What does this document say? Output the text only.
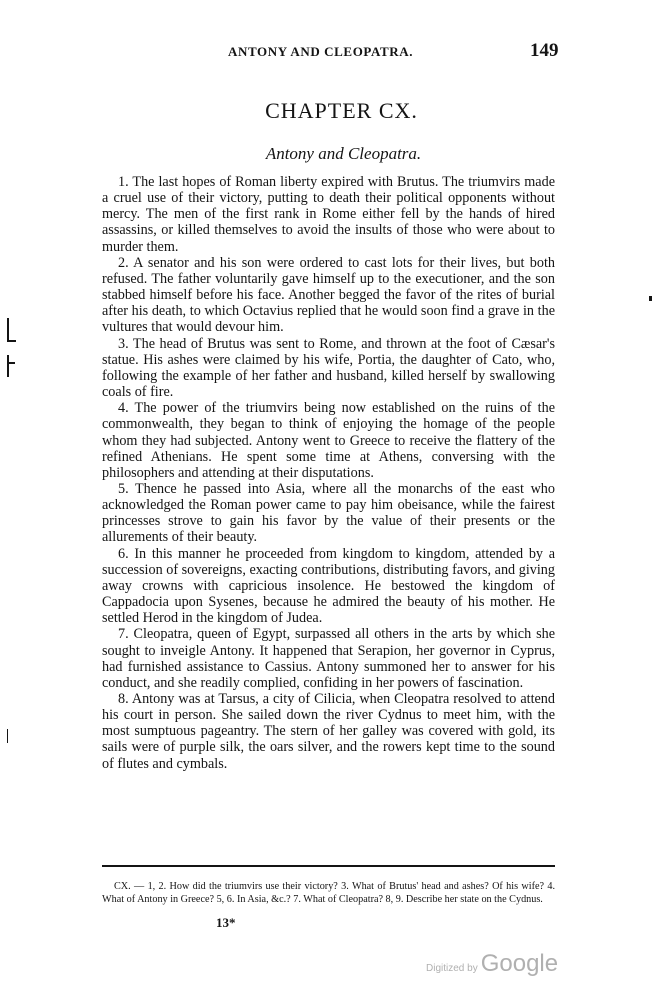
ANTONY AND CLEOPATRA.	149
CHAPTER CX.
Antony and Cleopatra.

1. The last hopes of Roman liberty expired with Brutus. The triumvirs made a cruel use of their victory, putting to death their political opponents without mercy. The men of the first rank in Rome either fell by the hands of hired assassins, or killed themselves to avoid the insults of those who were about to murder them.

2. A senator and his son were ordered to cast lots for their lives, but both refused. The father voluntarily gave himself up to the executioner, and the son stabbed himself before his face. Another begged the favor of the rites of burial after his death, to which Octavius replied that he would soon find a grave in the vultures that would devour him.

3. The head of Brutus was sent to Rome, and thrown at the foot of Cæsar's statue. His ashes were claimed by his wife, Portia, the daughter of Cato, who, following the example of her father and husband, killed herself by swallowing coals of fire.

4. The power of the triumvirs being now established on the ruins of the commonwealth, they began to think of enjoying the homage of the people whom they had subjected. Antony went to Greece to receive the flattery of the refined Athenians. He spent some time at Athens, conversing with the philosophers and attending at their disputations.

5. Thence he passed into Asia, where all the monarchs of the east who acknowledged the Roman power came to pay him obeisance, while the fairest princesses strove to gain his favor by the value of their presents or the allurements of their beauty.

6. In this manner he proceeded from kingdom to kingdom, attended by a succession of sovereigns, exacting contributions, distributing favors, and giving away crowns with capricious insolence. He bestowed the kingdom of Cappadocia upon Sysenes, because he admired the beauty of his mother. He settled Herod in the kingdom of Judea.

7. Cleopatra, queen of Egypt, surpassed all others in the arts by which she sought to inveigle Antony. It happened that Serapion, her governor in Cyprus, had furnished assistance to Cassius. Antony summoned her to answer for his conduct, and she readily complied, confiding in her powers of fascination.

8. Antony was at Tarsus, a city of Cilicia, when Cleopatra resolved to attend his court in person. She sailed down the river Cydnus to meet him, with the most sumptuous pageantry. The stern of her galley was covered with gold, its sails were of purple silk, the oars silver, and the rowers kept time to the sound of flutes and cymbals.

CX. — 1, 2. How did the triumvirs use their victory? 3. What of Brutus' head and ashes? Of his wife? 4. What of Antony in Greece? 5, 6. In Asia, &c.? 7. What of Cleopatra? 8, 9. Describe her state on the Cydnus.
13*
Digitized by Google
